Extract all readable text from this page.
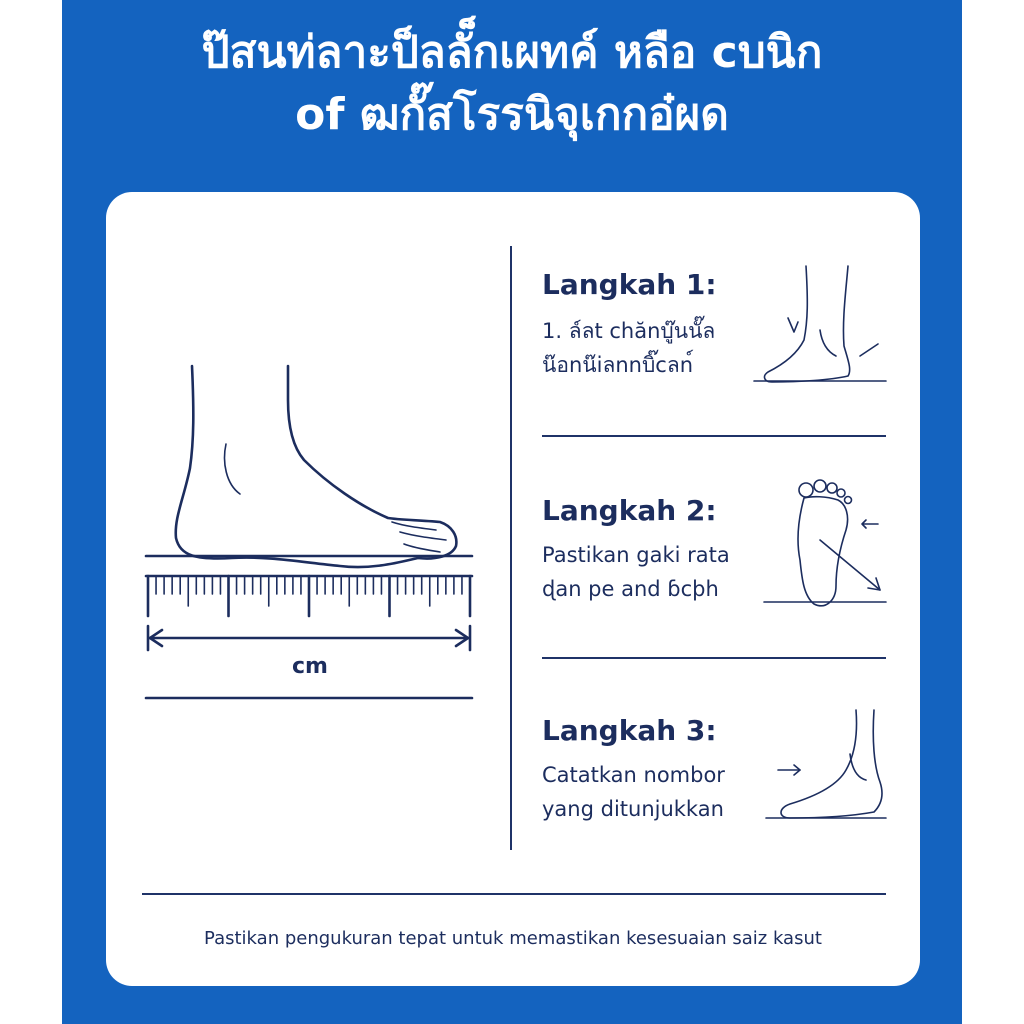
ป๊สนท่ลาะป็ลลั็กเผทค์ หลือ cบนิก
of ฒกั๊สโรรนิจุเกกอ๋ผด
cm
Langkah 1:
1. ล์ลt chănบู๊นนั๊ล
น๊อnน๊iลnnบิ๊cลn์
Langkah 2:
Pastikan gaki rata
ɖan pe and ɓcþh
Langkah 3:
Catatkan nombor
yang ditunjukkan
Pastikan pengukuran tepat untuk memastikan kesesuaian saiz kasut
